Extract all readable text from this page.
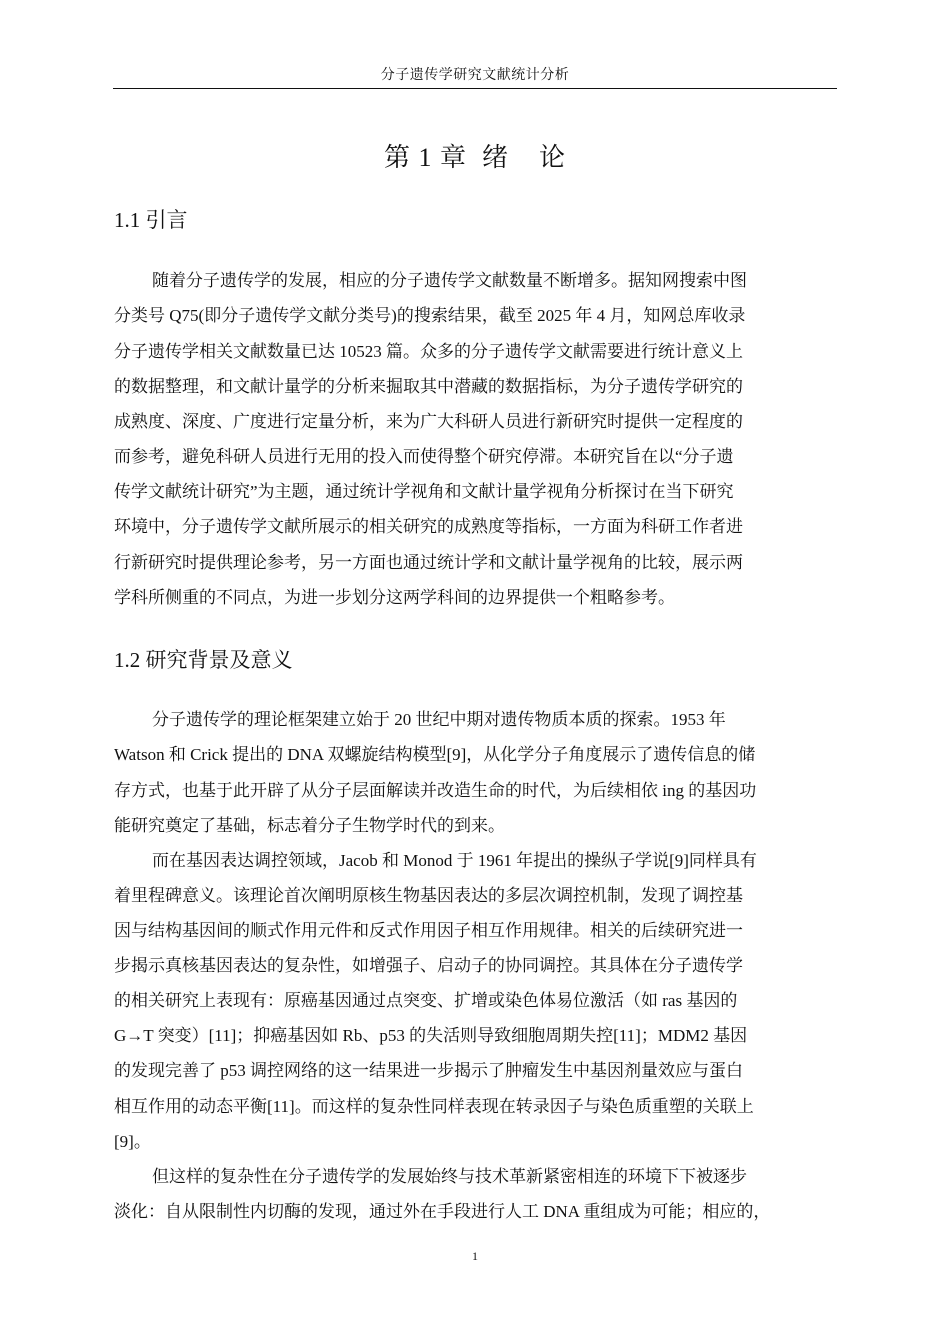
分子遗传学研究文献统计分析
第 1 章  绪    论
1.1 引言
随着分子遗传学的发展，相应的分子遗传学文献数量不断增多。据知网搜索中图
分类号 Q75(即分子遗传学文献分类号)的搜索结果，截至 2025 年 4 月，知网总库收录
分子遗传学相关文献数量已达 10523 篇。众多的分子遗传学文献需要进行统计意义上
的数据整理，和文献计量学的分析来掘取其中潜藏的数据指标，为分子遗传学研究的
成熟度、深度、广度进行定量分析，来为广大科研人员进行新研究时提供一定程度的
而参考，避免科研人员进行无用的投入而使得整个研究停滞。本研究旨在以“分子遗
传学文献统计研究”为主题，通过统计学视角和文献计量学视角分析探讨在当下研究
环境中，分子遗传学文献所展示的相关研究的成熟度等指标，一方面为科研工作者进
行新研究时提供理论参考，另一方面也通过统计学和文献计量学视角的比较，展示两
学科所侧重的不同点，为进一步划分这两学科间的边界提供一个粗略参考。
1.2 研究背景及意义
分子遗传学的理论框架建立始于 20 世纪中期对遗传物质本质的探索。1953 年
Watson 和 Crick 提出的 DNA 双螺旋结构模型[9]，从化学分子角度展示了遗传信息的储
存方式，也基于此开辟了从分子层面解读并改造生命的时代，为后续相依 ing 的基因功
能研究奠定了基础，标志着分子生物学时代的到来。
而在基因表达调控领域，Jacob 和 Monod 于 1961 年提出的操纵子学说[9]同样具有
着里程碑意义。该理论首次阐明原核生物基因表达的多层次调控机制，发现了调控基
因与结构基因间的顺式作用元件和反式作用因子相互作用规律。相关的后续研究进一
步揭示真核基因表达的复杂性，如增强子、启动子的协同调控。其具体在分子遗传学
的相关研究上表现有：原癌基因通过点突变、扩增或染色体易位激活（如 ras 基因的
G→T 突变）[11]；抑癌基因如 Rb、p53 的失活则导致细胞周期失控[11]；MDM2 基因
的发现完善了 p53 调控网络的这一结果进一步揭示了肿瘤发生中基因剂量效应与蛋白
相互作用的动态平衡[11]。而这样的复杂性同样表现在转录因子与染色质重塑的关联上
[9]。
但这样的复杂性在分子遗传学的发展始终与技术革新紧密相连的环境下下被逐步
淡化：自从限制性内切酶的发现，通过外在手段进行人工 DNA 重组成为可能；相应的，
1
